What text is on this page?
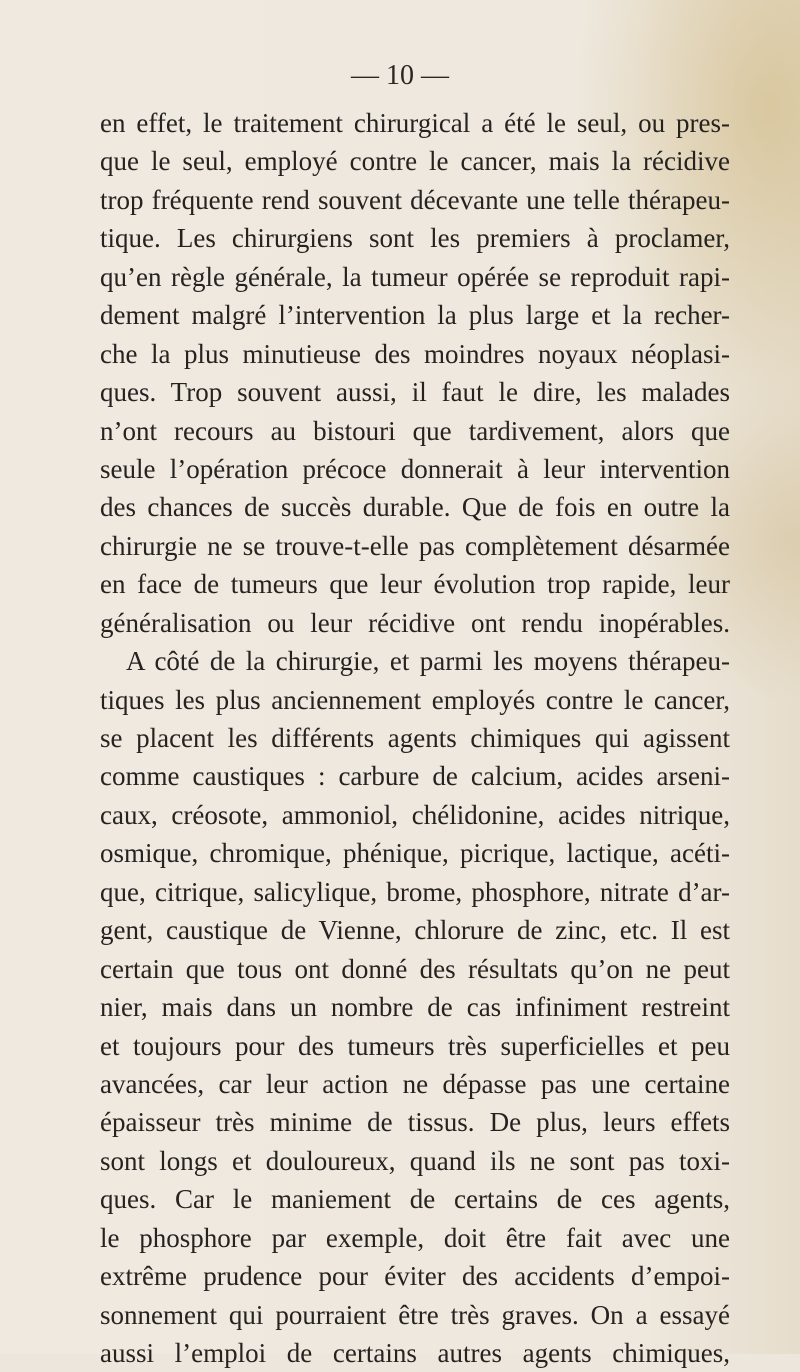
— 10 —
en effet, le traitement chirurgical a été le seul, ou pres-
que le seul, employé contre le cancer, mais la récidive
trop fréquente rend souvent décevante une telle thérapeu-
tique. Les chirurgiens sont les premiers à proclamer,
qu’en règle générale, la tumeur opérée se reproduit rapi-
dement malgré l’intervention la plus large et la recher-
che la plus minutieuse des moindres noyaux néoplasi-
ques. Trop souvent aussi, il faut le dire, les malades
n’ont recours au bistouri que tardivement, alors que
seule l’opération précoce donnerait à leur intervention
des chances de succès durable. Que de fois en outre la
chirurgie ne se trouve-t-elle pas complètement désarmée
en face de tumeurs que leur évolution trop rapide, leur
généralisation ou leur récidive ont rendu inopérables.
A côté de la chirurgie, et parmi les moyens thérapeu-
tiques les plus anciennement employés contre le cancer,
se placent les différents agents chimiques qui agissent
comme caustiques : carbure de calcium, acides arseni-
caux, créosote, ammoniol, chélidonine, acides nitrique,
osmique, chromique, phénique, picrique, lactique, acéti-
que, citrique, salicylique, brome, phosphore, nitrate d’ar-
gent, caustique de Vienne, chlorure de zinc, etc. Il est
certain que tous ont donné des résultats qu’on ne peut
nier, mais dans un nombre de cas infiniment restreint
et toujours pour des tumeurs très superficielles et peu
avancées, car leur action ne dépasse pas une certaine
épaisseur très minime de tissus. De plus, leurs effets
sont longs et douloureux, quand ils ne sont pas toxi-
ques. Car le maniement de certains de ces agents,
le phosphore par exemple, doit être fait avec une
extrême prudence pour éviter des accidents d’empoi-
sonnement qui pourraient être très graves. On a essayé
aussi l’emploi de certains autres agents chimiques,
